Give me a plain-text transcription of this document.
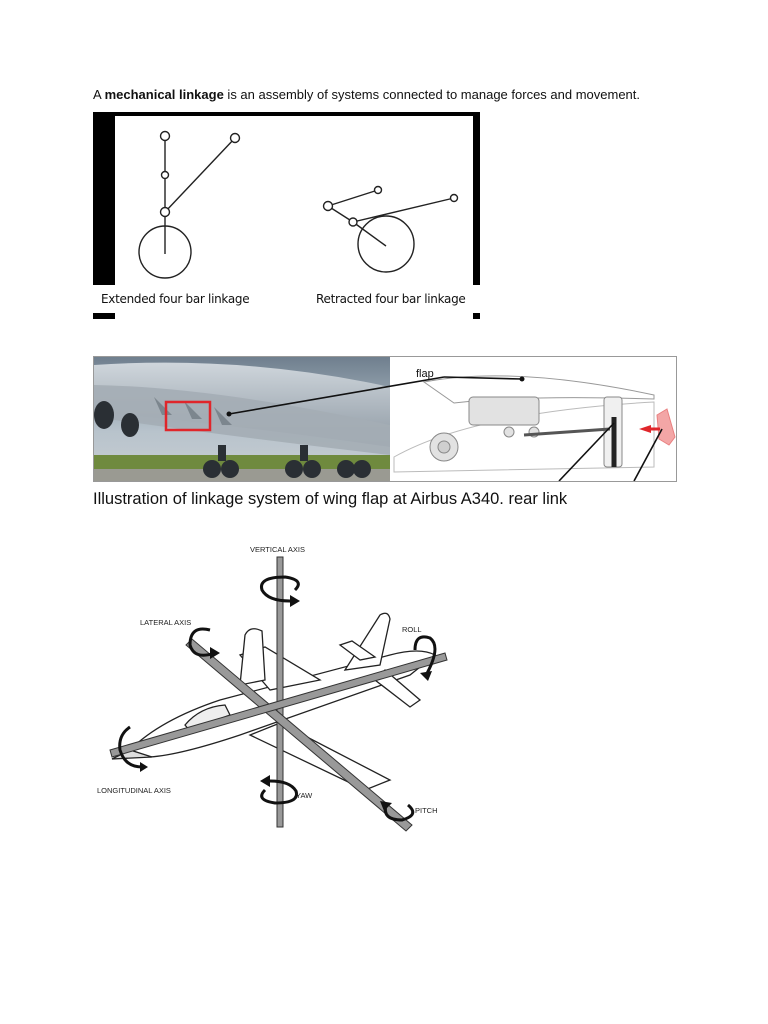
A mechanical linkage is an assembly of systems connected to manage forces and movement.
Extended four bar linkage	Retracted four bar linkage
flap
Illustration of linkage system of wing flap at Airbus A340. rear link
VERTICAL AXIS
LATERAL AXIS
ROLL
LONGITUDINAL AXIS
YAW
PITCH
